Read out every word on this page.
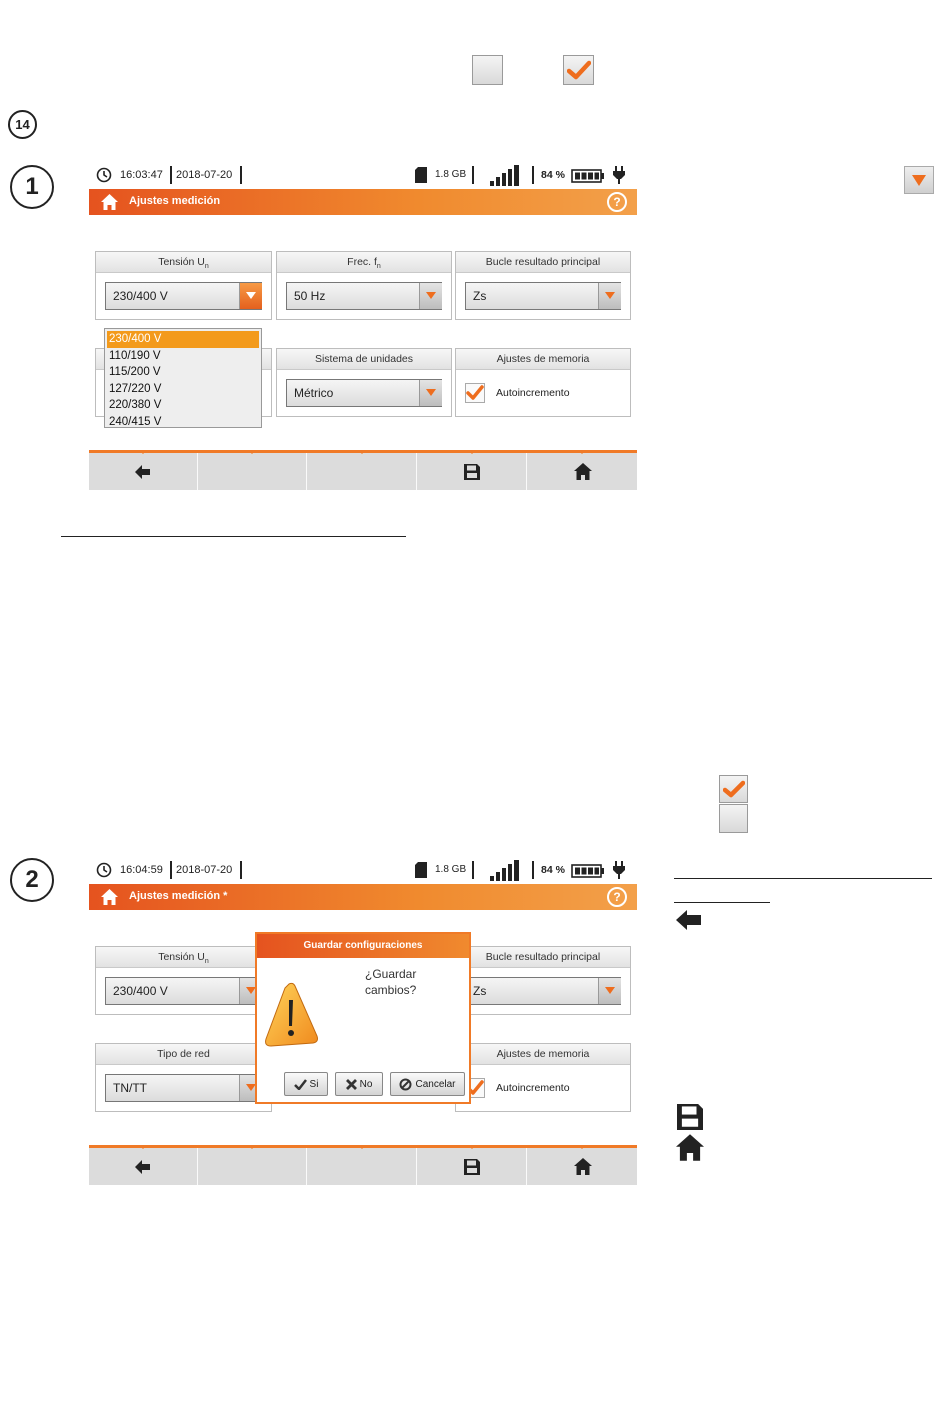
14
1	16:03:47 2018-07-20	1.8 GB	84 %
Ajustes medición	?
Tensión $U_n$
230/400 V
Frec. $f_n$
50 Hz
Bucle resultado principal
Zs
Sistema de unidades
Métrico
Ajustes de memoria
Autoincremento
230/400 V
110/190 V
115/200 V
127/220 V
220/380 V
240/415 V
2	16:04:59 2018-07-20	1.8 GB	84 %
Ajustes medición *	?
Tensión $U_n$
230/400 V
Bucle resultado principal
Zs
Tipo de red
TN/TT
Ajustes de memoria
Autoincremento
Guardar configuraciones
¿Guardar
cambios?
Si	No	Cancelar
